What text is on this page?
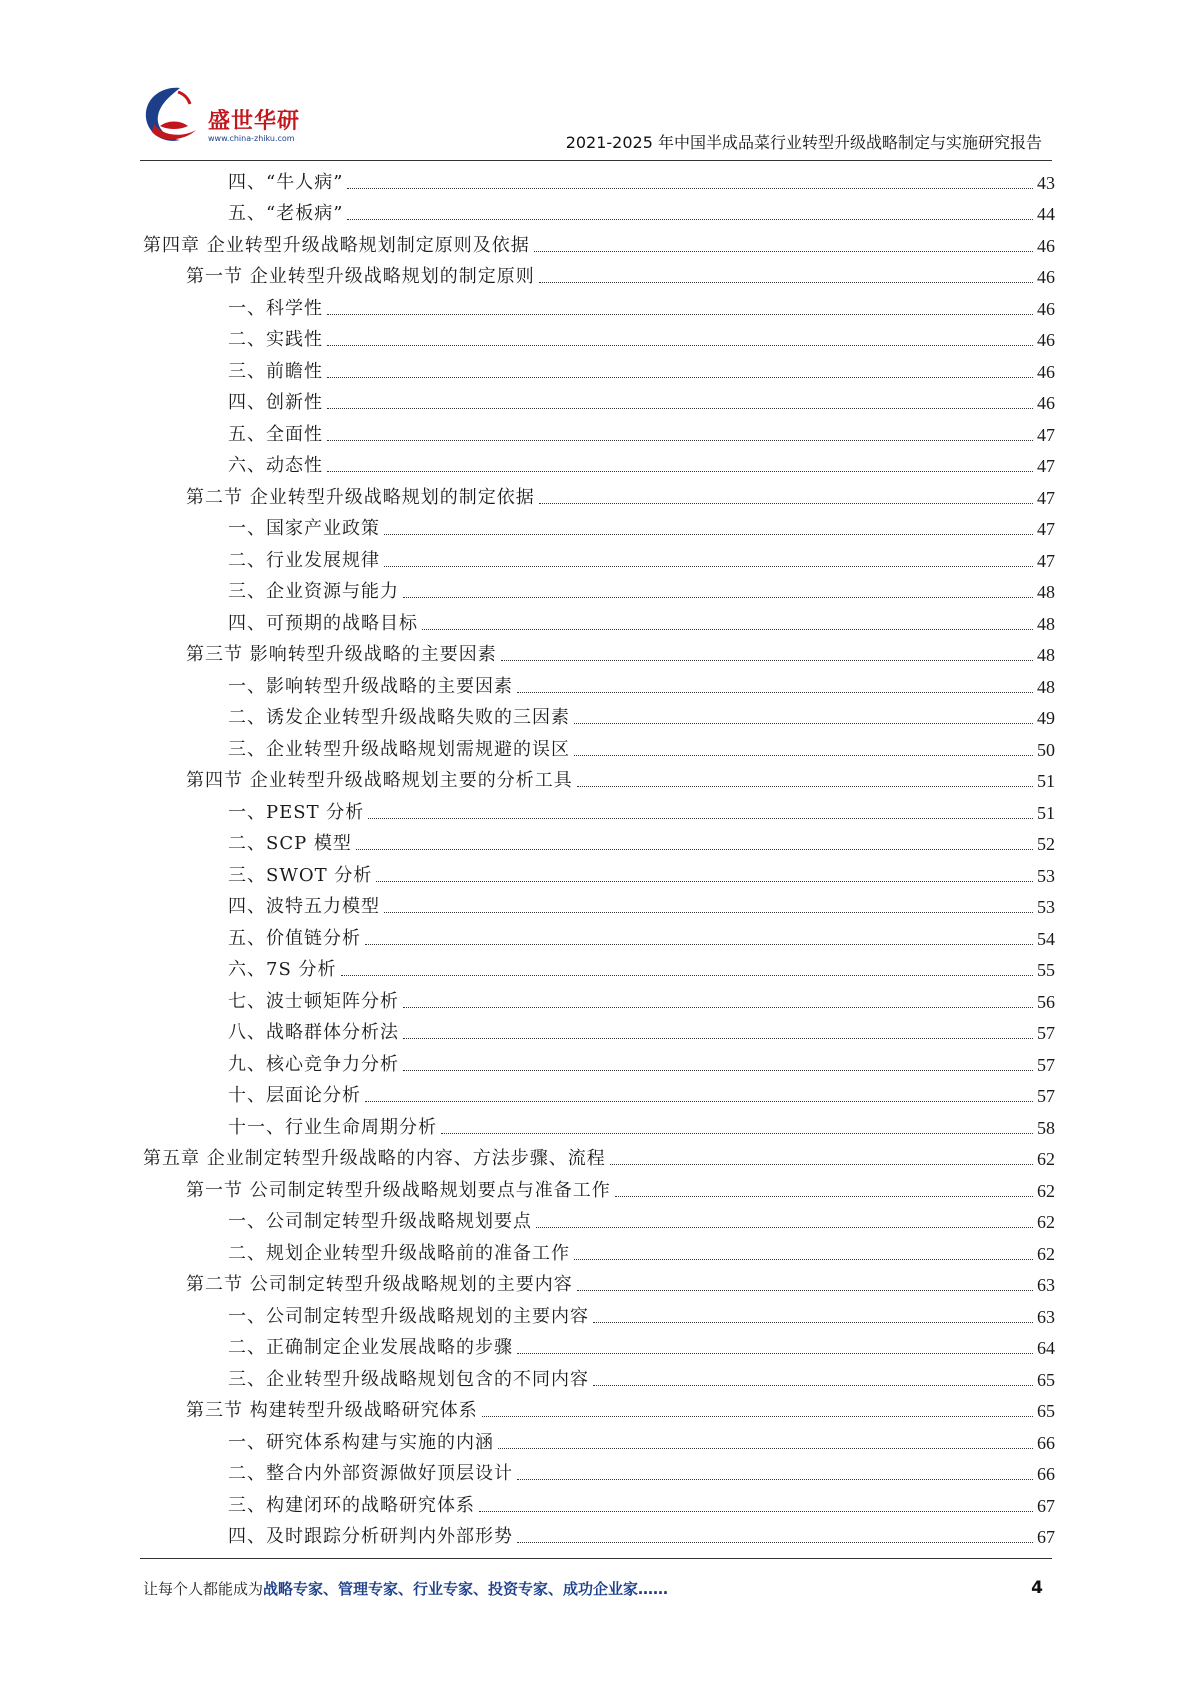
盛世华研
www.china-zhiku.com	2021-2025 年中国半成品菜行业转型升级战略制定与实施研究报告
四、“牛人病”	43
五、“老板病”	44
第四章 企业转型升级战略规划制定原则及依据	46
第一节 企业转型升级战略规划的制定原则	46
一、科学性	46
二、实践性	46
三、前瞻性	46
四、创新性	46
五、全面性	47
六、动态性	47
第二节 企业转型升级战略规划的制定依据	47
一、国家产业政策	47
二、行业发展规律	47
三、企业资源与能力	48
四、可预期的战略目标	48
第三节 影响转型升级战略的主要因素	48
一、影响转型升级战略的主要因素	48
二、诱发企业转型升级战略失败的三因素	49
三、企业转型升级战略规划需规避的误区	50
第四节 企业转型升级战略规划主要的分析工具	51
一、PEST 分析	51
二、SCP 模型	52
三、SWOT 分析	53
四、波特五力模型	53
五、价值链分析	54
六、7S 分析	55
七、波士顿矩阵分析	56
八、战略群体分析法	57
九、核心竞争力分析	57
十、层面论分析	57
十一、行业生命周期分析	58
第五章 企业制定转型升级战略的内容、方法步骤、流程	62
第一节 公司制定转型升级战略规划要点与准备工作	62
一、公司制定转型升级战略规划要点	62
二、规划企业转型升级战略前的准备工作	62
第二节 公司制定转型升级战略规划的主要内容	63
一、公司制定转型升级战略规划的主要内容	63
二、正确制定企业发展战略的步骤	64
三、企业转型升级战略规划包含的不同内容	65
第三节 构建转型升级战略研究体系	65
一、研究体系构建与实施的内涵	66
二、整合内外部资源做好顶层设计	66
三、构建闭环的战略研究体系	67
四、及时跟踪分析研判内外部形势	67
让每个人都能成为战略专家、管理专家、行业专家、投资专家、成功企业家……	4
